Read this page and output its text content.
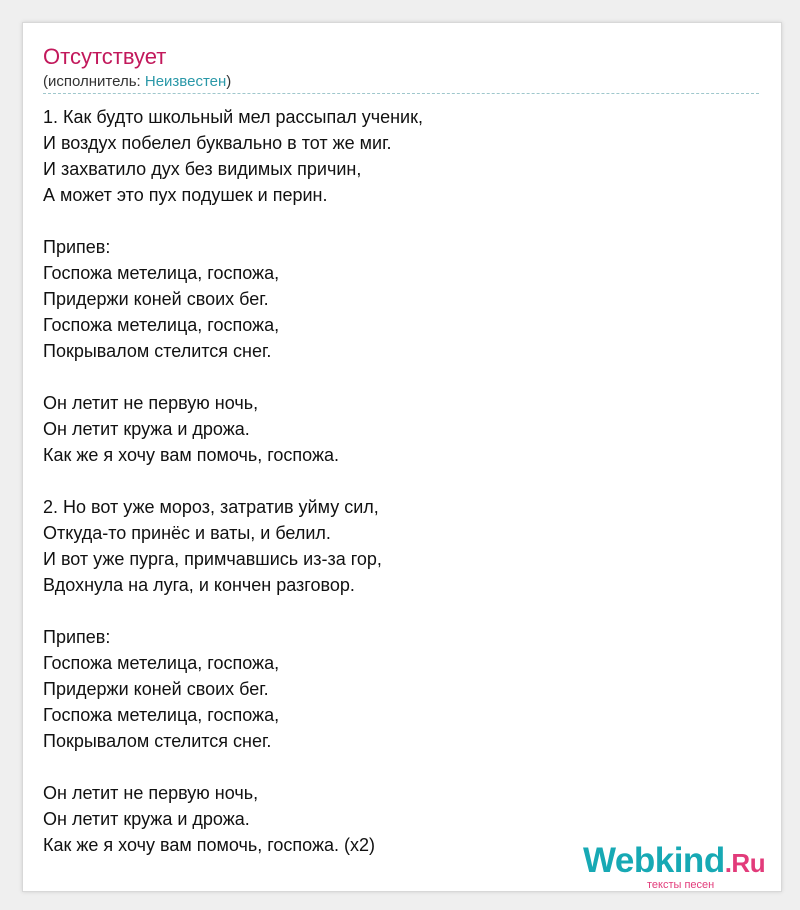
Отсутствует
(исполнитель: Неизвестен)
1. Как будто школьный мел рассыпал ученик,
И воздух побелел буквально в тот же миг.
И захватило дух без видимых причин,
А может это пух подушек и перин.
Припев:
Госпожа метелица, госпожа,
Придержи коней своих бег.
Госпожа метелица, госпожа,
Покрывалом стелится снег.
Он летит не первую ночь,
Он летит кружа и дрожа.
Как же я хочу вам помочь, госпожа.
2. Но вот уже мороз, затратив уйму сил,
Откуда-то принёс и ваты, и белил.
И вот уже пурга, примчавшись из-за гор,
Вдохнула на луга, и кончен разговор.
Припев:
Госпожа метелица, госпожа,
Придержи коней своих бег.
Госпожа метелица, госпожа,
Покрывалом стелится снег.
Он летит не первую ночь,
Он летит кружа и дрожа.
Как же я хочу вам помочь, госпожа. (x2)	Webkind.Ru
тексты песен
